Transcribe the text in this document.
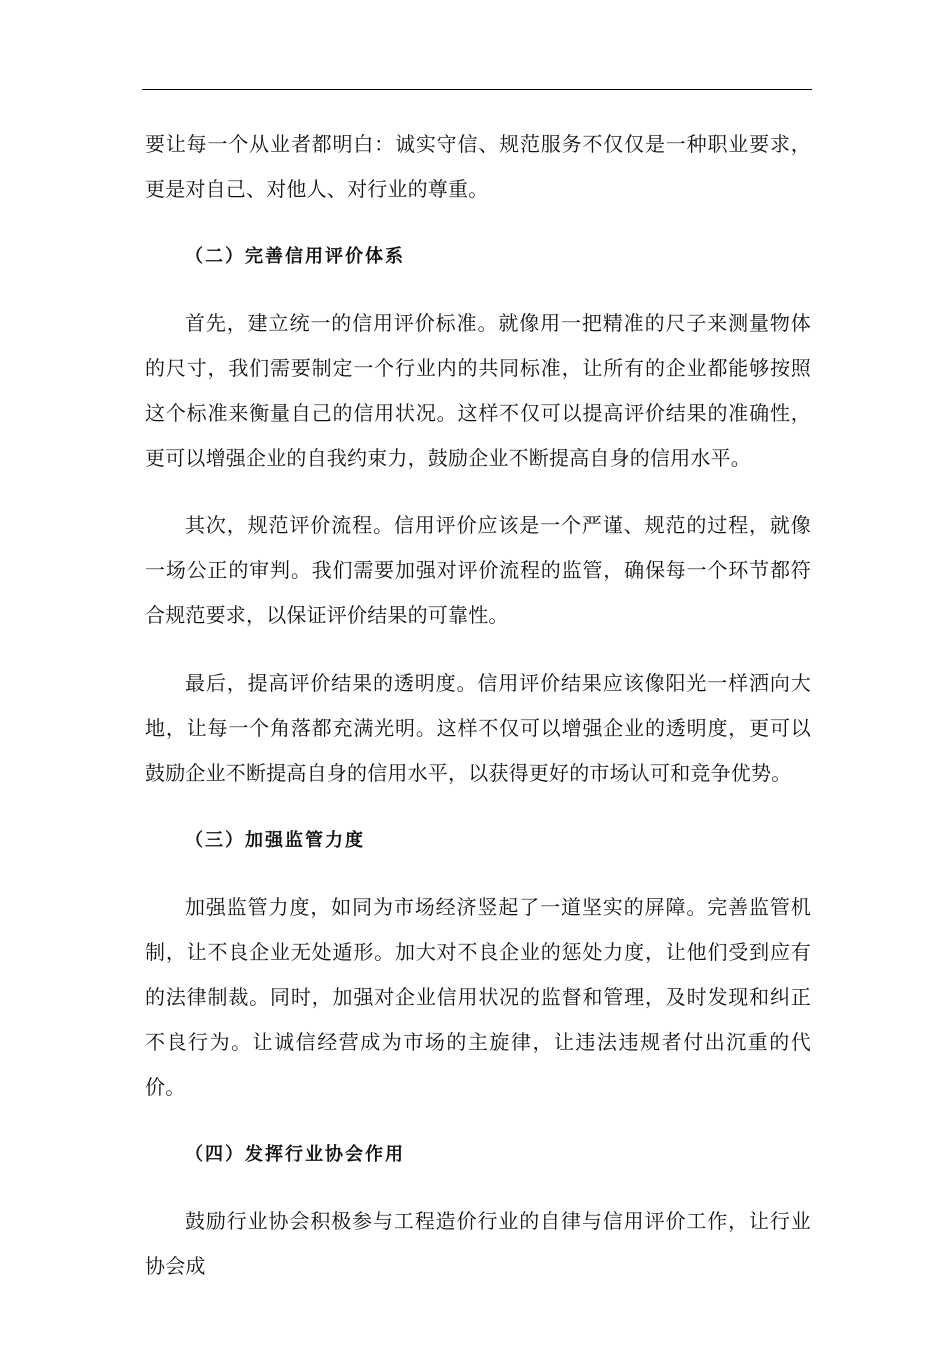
要让每一个从业者都明白：诚实守信、规范服务不仅仅是一种职业要求，更是对自己、对他人、对行业的尊重。

（二）完善信用评价体系

首先，建立统一的信用评价标准。就像用一把精准的尺子来测量物体的尺寸，我们需要制定一个行业内的共同标准，让所有的企业都能够按照这个标准来衡量自己的信用状况。这样不仅可以提高评价结果的准确性，更可以增强企业的自我约束力，鼓励企业不断提高自身的信用水平。

其次，规范评价流程。信用评价应该是一个严谨、规范的过程，就像一场公正的审判。我们需要加强对评价流程的监管，确保每一个环节都符合规范要求，以保证评价结果的可靠性。

最后，提高评价结果的透明度。信用评价结果应该像阳光一样洒向大地，让每一个角落都充满光明。这样不仅可以增强企业的透明度，更可以鼓励企业不断提高自身的信用水平，以获得更好的市场认可和竞争优势。

（三）加强监管力度

加强监管力度，如同为市场经济竖起了一道坚实的屏障。完善监管机制，让不良企业无处遁形。加大对不良企业的惩处力度，让他们受到应有的法律制裁。同时，加强对企业信用状况的监督和管理，及时发现和纠正不良行为。让诚信经营成为市场的主旋律，让违法违规者付出沉重的代价。

（四）发挥行业协会作用

鼓励行业协会积极参与工程造价行业的自律与信用评价工作，让行业协会成
